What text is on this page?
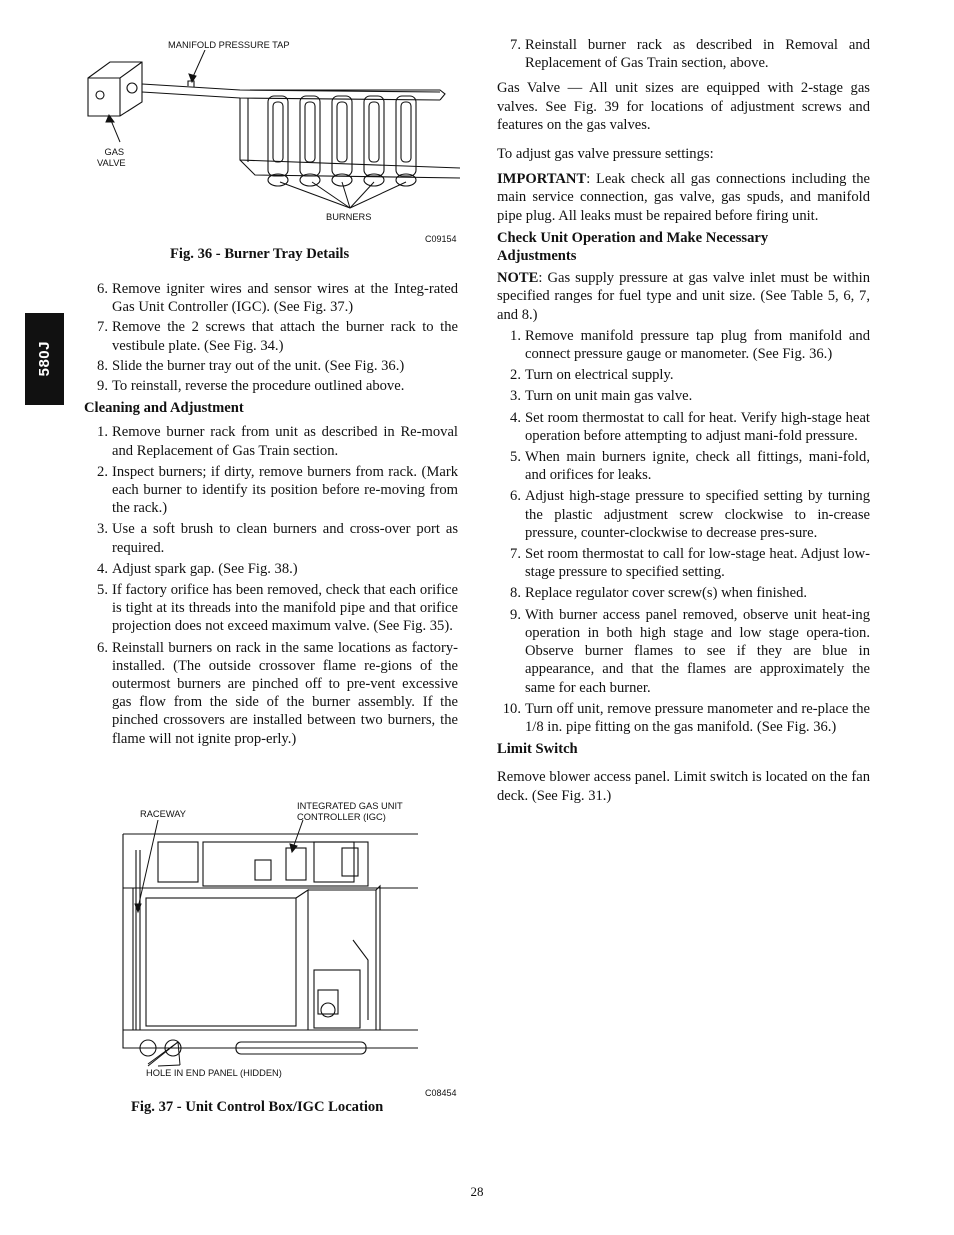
580J
MANIFOLD PRESSURE TAP
GAS
VALVE
BURNERS
C09154
Fig. 36 - Burner Tray Details
6. Remove igniter wires and sensor wires at the Integ-rated Gas Unit Controller (IGC). (See Fig. 37.)
7. Remove the 2 screws that attach the burner rack to the vestibule plate. (See Fig. 34.)
8. Slide the burner tray out of the unit. (See Fig. 36.)
9. To reinstall, reverse the procedure outlined above.
Cleaning and Adjustment
1. Remove burner rack from unit as described in Re-moval and Replacement of Gas Train section.
2. Inspect burners; if dirty, remove burners from rack. (Mark each burner to identify its position before re-moving from the rack.)
3. Use a soft brush to clean burners and cross-over port as required.
4. Adjust spark gap. (See Fig. 38.)
5. If factory orifice has been removed, check that each orifice is tight at its threads into the manifold pipe and that orifice projection does not exceed maximum valve. (See Fig. 35).
6. Reinstall burners on rack in the same locations as factory-installed. (The outside crossover flame re-gions of the outermost burners are pinched off to pre-vent excessive gas flow from the side of the burner assembly. If the pinched crossovers are installed between two burners, the flame will not ignite prop-erly.)
RACEWAY
INTEGRATED GAS UNIT
CONTROLLER (IGC)
HOLE IN END PANEL (HIDDEN)
C08454
Fig. 37 - Unit Control Box/IGC Location
7. Reinstall burner rack as described in Removal and Replacement of Gas Train section, above.

Gas Valve — All unit sizes are equipped with 2-stage gas valves. See Fig. 39 for locations of adjustment screws and features on the gas valves.

To adjust gas valve pressure settings:

IMPORTANT: Leak check all gas connections including the main service connection, gas valve, gas spuds, and manifold pipe plug. All leaks must be repaired before firing unit.

Check Unit Operation and Make Necessary Adjustments

NOTE: Gas supply pressure at gas valve inlet must be within specified ranges for fuel type and unit size. (See Table 5, 6, 7, and 8.)

1. Remove manifold pressure tap plug from manifold and connect pressure gauge or manometer. (See Fig. 36.)
2. Turn on electrical supply.
3. Turn on unit main gas valve.
4. Set room thermostat to call for heat. Verify high-stage heat operation before attempting to adjust mani-fold pressure.
5. When main burners ignite, check all fittings, mani-fold, and orifices for leaks.
6. Adjust high-stage pressure to specified setting by turning the plastic adjustment screw clockwise to in-crease pressure, counter-clockwise to decrease pres-sure.
7. Set room thermostat to call for low-stage heat. Adjust low-stage pressure to specified setting.
8. Replace regulator cover screw(s) when finished.
9. With burner access panel removed, observe unit heat-ing operation in both high stage and low stage opera-tion. Observe burner flames to see if they are blue in appearance, and that the flames are approximately the same for each burner.
10. Turn off unit, remove pressure manometer and re-place the 1/8 in. pipe fitting on the gas manifold. (See Fig. 36.)
Limit Switch

Remove blower access panel. Limit switch is located on the fan deck. (See Fig. 31.)

28
